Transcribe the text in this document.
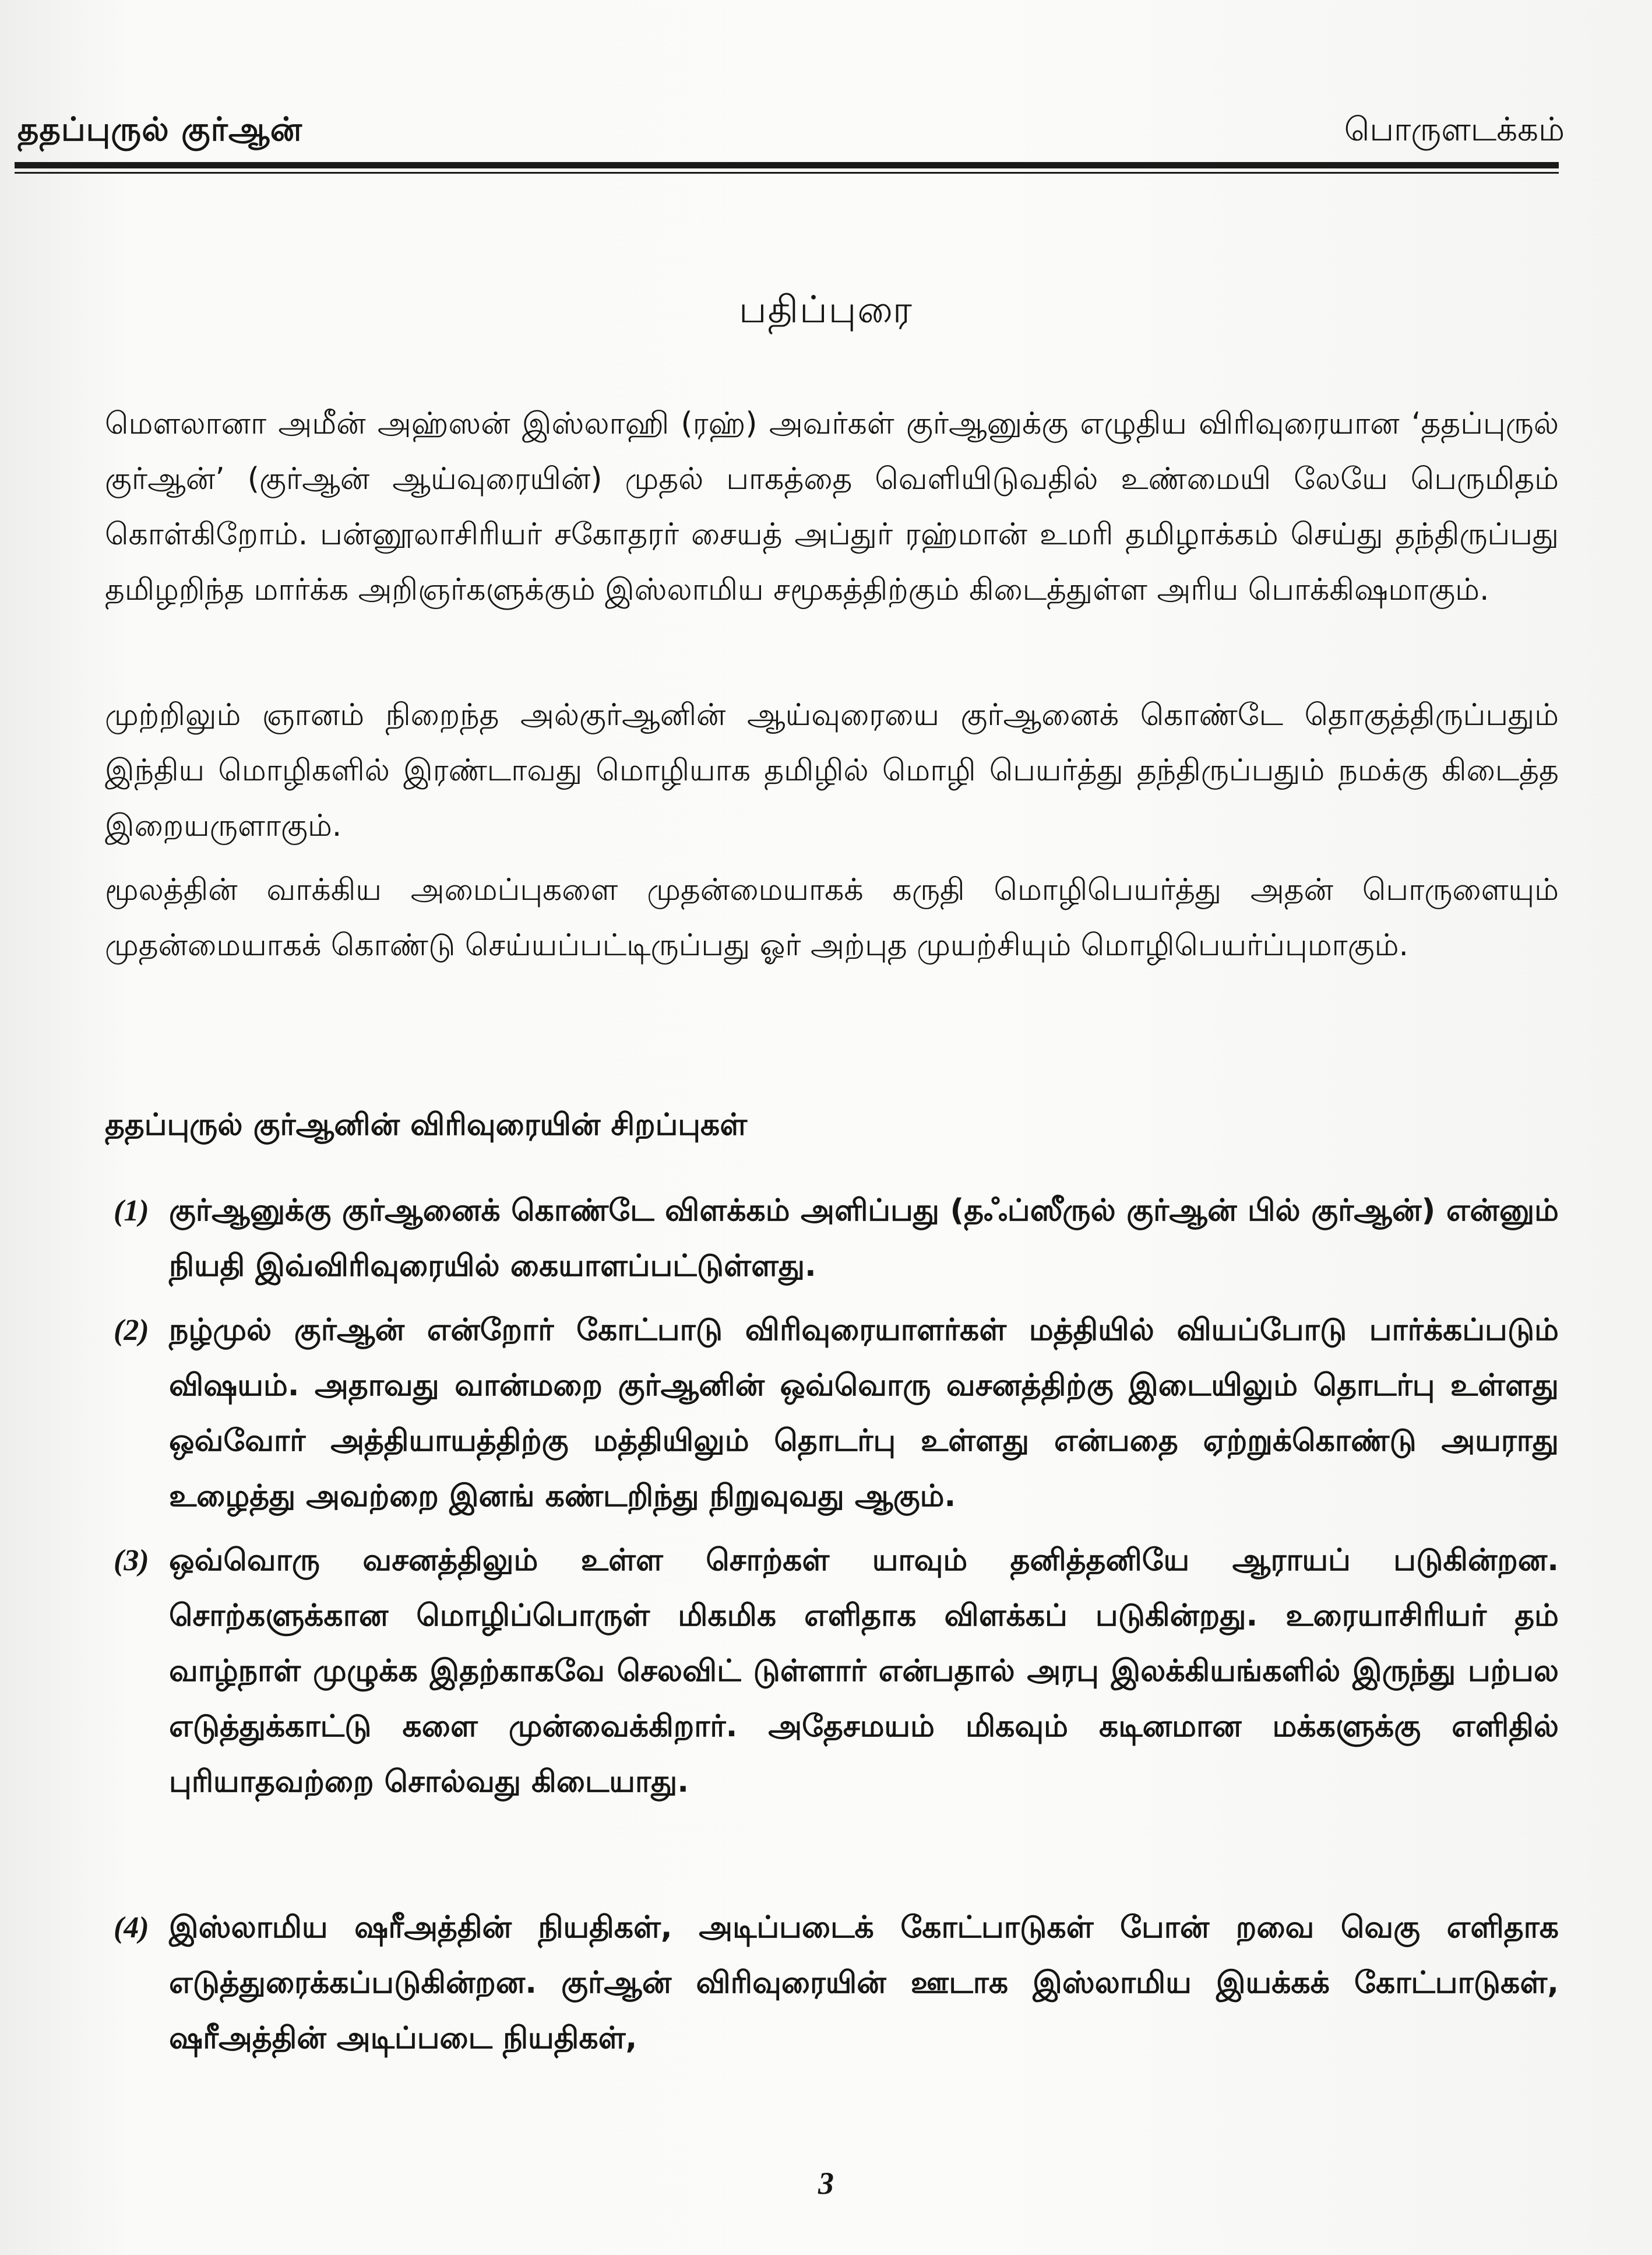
ததப்புருல் குர்ஆன்	பொருளடக்கம்
பதிப்புரை
மௌலானா அமீன் அஹ்ஸன் இஸ்லாஹி (ரஹ்) அவர்கள் குர்ஆனுக்கு எழுதிய விரிவுரையான ‘ததப்புருல் குர்ஆன்’ (குர்ஆன் ஆய்வுரையின்) முதல் பாகத்தை வெளியிடுவதில் உண்மையி லேயே பெருமிதம் கொள்கிறோம். பன்னூலாசிரியர் சகோதரர் சையத் அப்துர் ரஹ்மான் உமரி தமிழாக்கம் செய்து தந்திருப்பது தமிழறிந்த மார்க்க அறிஞர்களுக்கும் இஸ்லாமிய சமூகத்திற்கும் கிடைத்துள்ள அரிய பொக்கிஷமாகும்.
முற்றிலும் ஞானம் நிறைந்த அல்குர்ஆனின் ஆய்வுரையை குர்ஆனைக் கொண்டே தொகுத்திருப்பதும் இந்திய மொழிகளில் இரண்டாவது மொழியாக தமிழில் மொழி பெயர்த்து தந்திருப்பதும் நமக்கு கிடைத்த இறையருளாகும்.
மூலத்தின் வாக்கிய அமைப்புகளை முதன்மையாகக் கருதி மொழிபெயர்த்து அதன் பொருளையும் முதன்மையாகக் கொண்டு செய்யப்பட்டிருப்பது ஓர் அற்புத முயற்சியும் மொழிபெயர்ப்புமாகும்.
ததப்புருல் குர்ஆனின் விரிவுரையின் சிறப்புகள்
(1) குர்ஆனுக்கு குர்ஆனைக் கொண்டே விளக்கம் அளிப்பது (தஃப்ஸீருல் குர்ஆன் பில் குர்ஆன்) என்னும் நியதி இவ்விரிவுரையில் கையாளப்பட்டுள்ளது.
(2) நழ்முல் குர்ஆன் என்றோர் கோட்பாடு விரிவுரையாளர்கள் மத்தியில் வியப்போடு பார்க்கப்படும் விஷயம். அதாவது வான்மறை குர்ஆனின் ஒவ்வொரு வசனத்திற்கு இடையிலும் தொடர்பு உள்ளது ஒவ்வோர் அத்தியாயத்திற்கு மத்தியிலும் தொடர்பு உள்ளது என்பதை ஏற்றுக்கொண்டு அயராது உழைத்து அவற்றை இனங் கண்டறிந்து நிறுவுவது ஆகும்.
(3) ஒவ்வொரு வசனத்திலும் உள்ள சொற்கள் யாவும் தனித்தனியே ஆராயப் படுகின்றன. சொற்களுக்கான மொழிப்பொருள் மிகமிக எளிதாக விளக்கப் படுகின்றது. உரையாசிரியர் தம் வாழ்நாள் முழுக்க இதற்காகவே செலவிட் டுள்ளார் என்பதால் அரபு இலக்கியங்களில் இருந்து பற்பல எடுத்துக்காட்டு களை முன்வைக்கிறார். அதேசமயம் மிகவும் கடினமான மக்களுக்கு எளிதில் புரியாதவற்றை சொல்வது கிடையாது.
(4) இஸ்லாமிய ஷரீஅத்தின் நியதிகள், அடிப்படைக் கோட்பாடுகள் போன் றவை வெகு எளிதாக எடுத்துரைக்கப்படுகின்றன. குர்ஆன் விரிவுரையின் ஊடாக இஸ்லாமிய இயக்கக் கோட்பாடுகள், ஷரீஅத்தின் அடிப்படை நியதிகள்,
3
